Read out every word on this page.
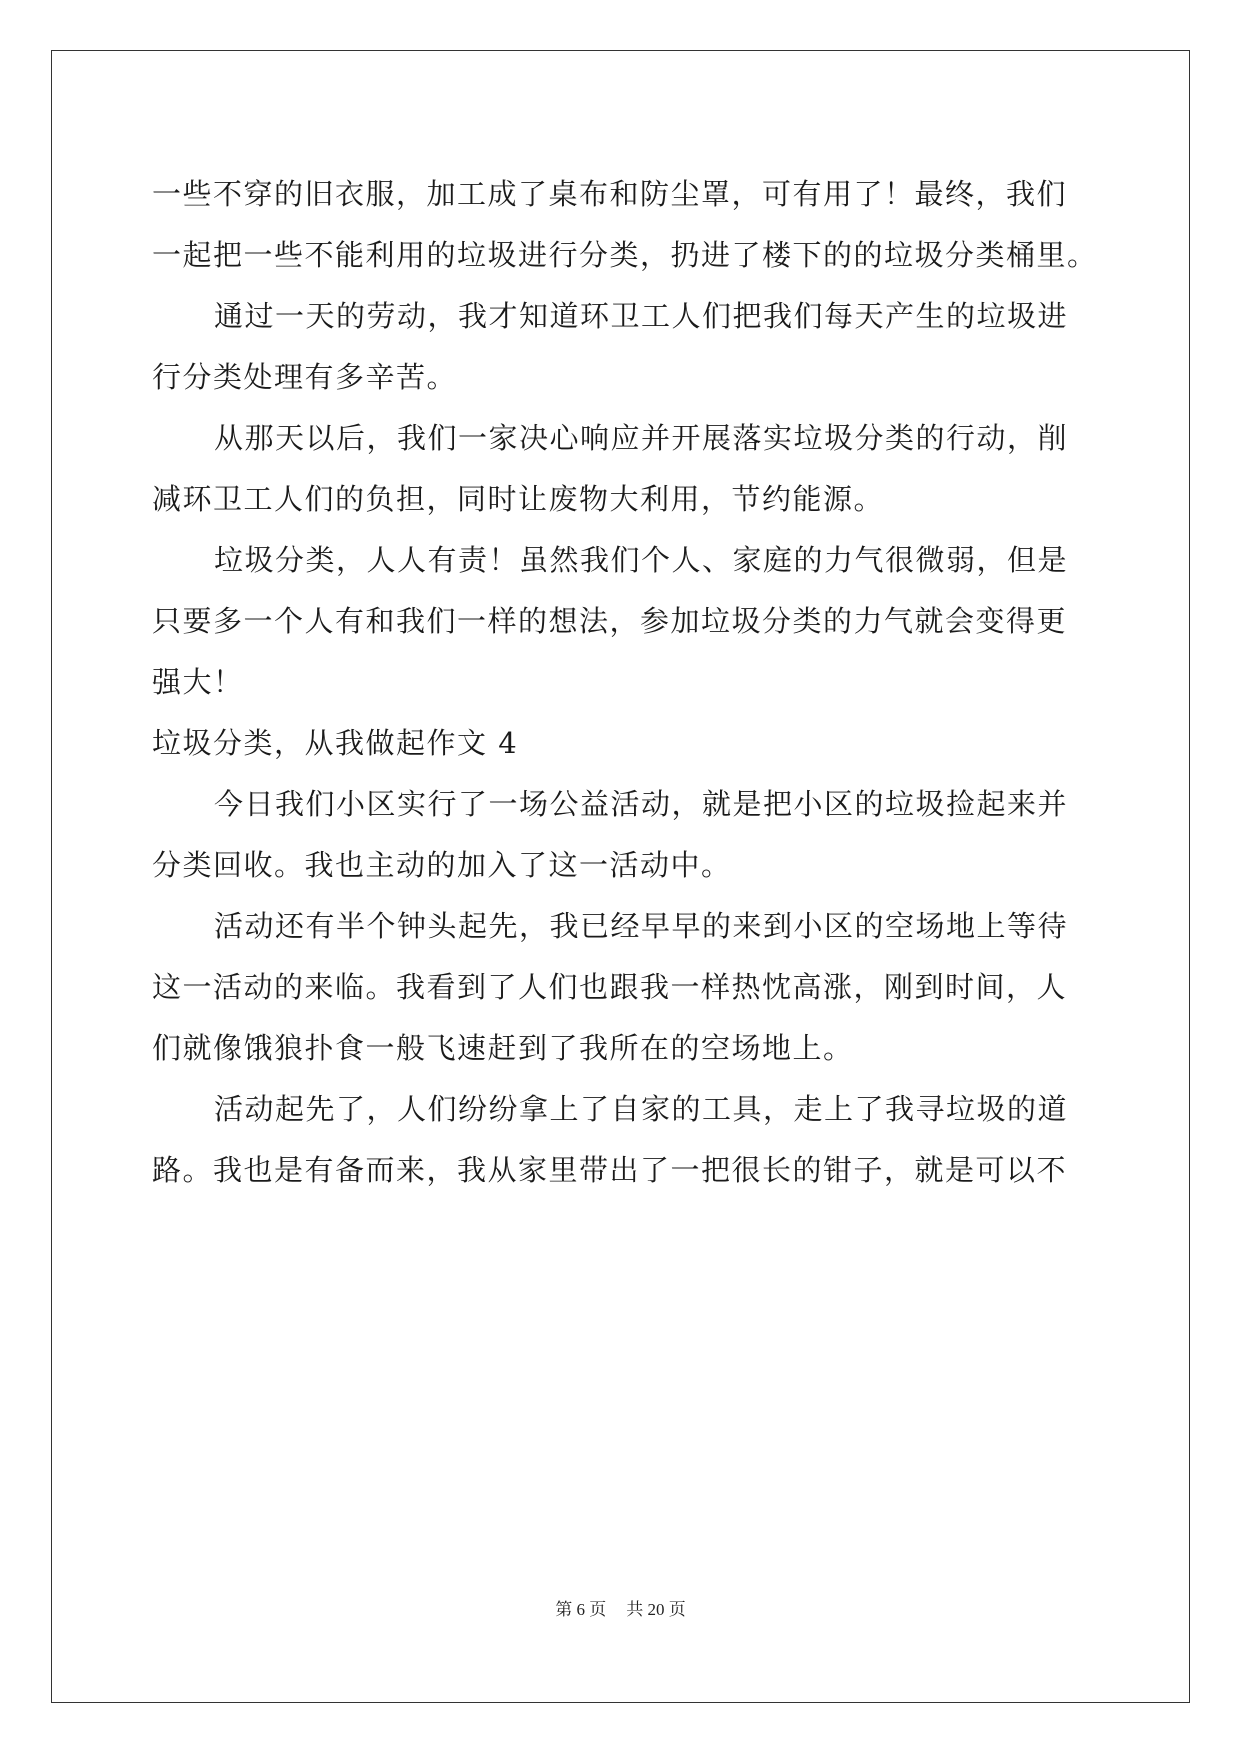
一些不穿的旧衣服，加工成了桌布和防尘罩，可有用了！最终，我们
一起把一些不能利用的垃圾进行分类，扔进了楼下的的垃圾分类桶里。
通过一天的劳动，我才知道环卫工人们把我们每天产生的垃圾进
行分类处理有多辛苦。
从那天以后，我们一家决心响应并开展落实垃圾分类的行动，削
减环卫工人们的负担，同时让废物大利用，节约能源。
垃圾分类，人人有责！虽然我们个人、家庭的力气很微弱，但是
只要多一个人有和我们一样的想法，参加垃圾分类的力气就会变得更
强大！
垃圾分类，从我做起作文 4
今日我们小区实行了一场公益活动，就是把小区的垃圾捡起来并
分类回收。我也主动的加入了这一活动中。
活动还有半个钟头起先，我已经早早的来到小区的空场地上等待
这一活动的来临。我看到了人们也跟我一样热忱高涨，刚到时间，人
们就像饿狼扑食一般飞速赶到了我所在的空场地上。
活动起先了，人们纷纷拿上了自家的工具，走上了我寻垃圾的道
路。我也是有备而来，我从家里带出了一把很长的钳子，就是可以不
第 6 页 共 20 页
